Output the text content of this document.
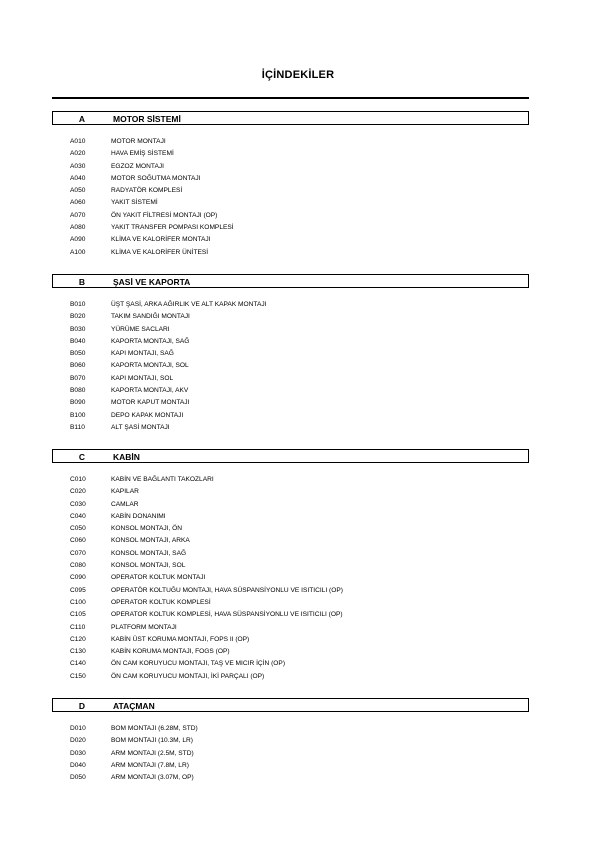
İÇİNDEKİLER
A	MOTOR SİSTEMİ
A010	MOTOR MONTAJI
A020	HAVA EMİŞ SİSTEMİ
A030	EGZOZ MONTAJI
A040	MOTOR SOĞUTMA MONTAJI
A050	RADYATÖR KOMPLESİ
A060	YAKIT SİSTEMİ
A070	ÖN YAKIT FİLTRESİ MONTAJI (OP)
A080	YAKIT TRANSFER POMPASI KOMPLESİ
A090	KLİMA VE KALORİFER MONTAJI
A100	KLİMA VE KALORİFER ÜNİTESİ
B	ŞASİ VE KAPORTA
B010	ÜŞT ŞASİ, ARKA AĞIRLIK VE ALT KAPAK MONTAJI
B020	TAKIM SANDIĞI MONTAJI
B030	YÜRÜME SACLARI
B040	KAPORTA MONTAJI, SAĞ
B050	KAPI MONTAJI, SAĞ
B060	KAPORTA MONTAJI, SOL
B070	KAPI MONTAJI, SOL
B080	KAPORTA MONTAJI, AKV
B090	MOTOR KAPUT MONTAJI
B100	DEPO KAPAK MONTAJI
B110	ALT ŞASİ MONTAJI
C	KABİN
C010	KABİN VE BAĞLANTI TAKOZLARI
C020	KAPILAR
C030	CAMLAR
C040	KABİN DONANIMI
C050	KONSOL MONTAJI, ÖN
C060	KONSOL MONTAJI, ARKA
C070	KONSOL MONTAJI, SAĞ
C080	KONSOL MONTAJI, SOL
C090	OPERATOR KOLTUK MONTAJI
C095	OPERATÖR KOLTUĞU MONTAJI, HAVA SÜSPANSİYONLU VE ISITICILI (OP)
C100	OPERATOR KOLTUK KOMPLESİ
C105	OPERATOR KOLTUK KOMPLESİ, HAVA SÜSPANSİYONLU VE ISITICILI (OP)
C110	PLATFORM MONTAJI
C120	KABİN ÜST KORUMA MONTAJI, FOPS II (OP)
C130	KABİN KORUMA MONTAJI, FOGS (OP)
C140	ÖN CAM KORUYUCU MONTAJI, TAŞ VE MICIR İÇİN (OP)
C150	ÖN CAM KORUYUCU MONTAJI, İKİ PARÇALI (OP)
D	ATAÇMAN
D010	BOM MONTAJI (6.28M, STD)
D020	BOM MONTAJI (10.3M, LR)
D030	ARM MONTAJI (2.5M, STD)
D040	ARM MONTAJI (7.8M, LR)
D050	ARM MONTAJI (3.07M, OP)
